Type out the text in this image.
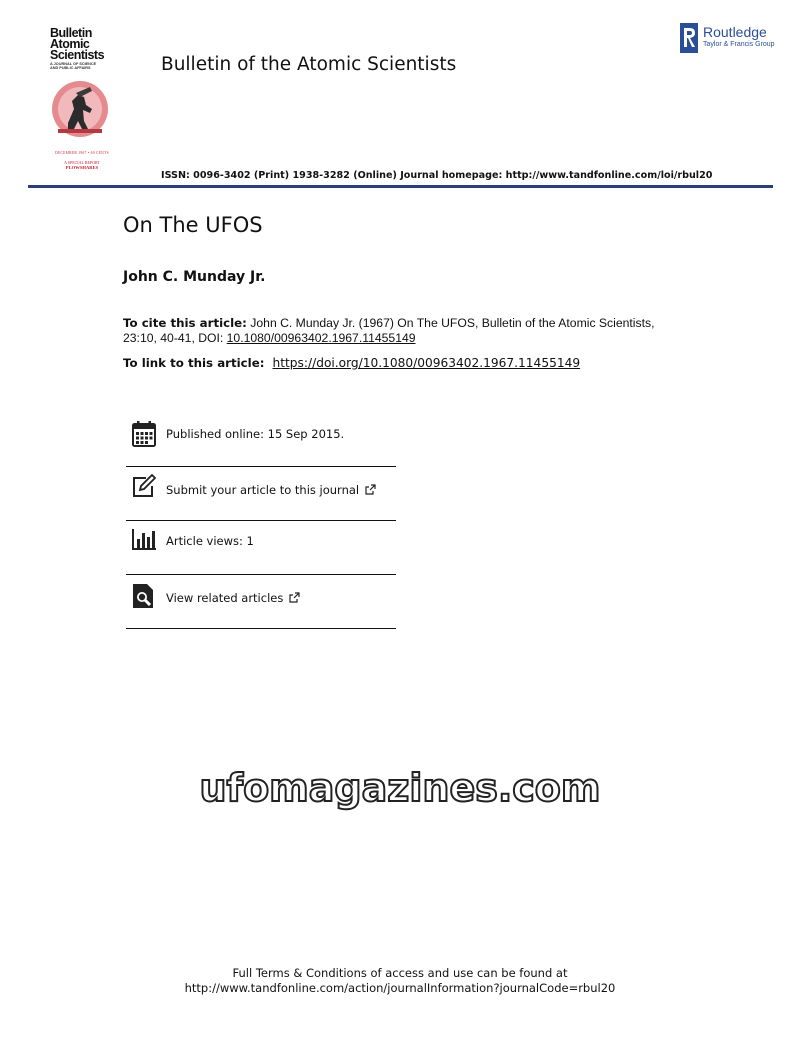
Bulletin
Atomic
Scientists
A JOURNAL OF SCIENCE
AND PUBLIC AFFAIRS
DECEMBER 1967 • 60 CENTS
A SPECIAL REPORT
PLOWSHARES
Bulletin of the Atomic Scientists
Routledge
Taylor & Francis Group
ISSN: 0096-3402 (Print) 1938-3282 (Online) Journal homepage: http://www.tandfonline.com/loi/rbul20
On The UFOS
John C. Munday Jr.
To cite this article: John C. Munday Jr. (1967) On The UFOS, Bulletin of the Atomic Scientists, 23:10, 40-41, DOI: 10.1080/00963402.1967.11455149
To link to this article: https://doi.org/10.1080/00963402.1967.11455149
Published online: 15 Sep 2015.
Submit your article to this journal
Article views: 1
View related articles
ufomagazines.com
Full Terms & Conditions of access and use can be found at
http://www.tandfonline.com/action/journalInformation?journalCode=rbul20
